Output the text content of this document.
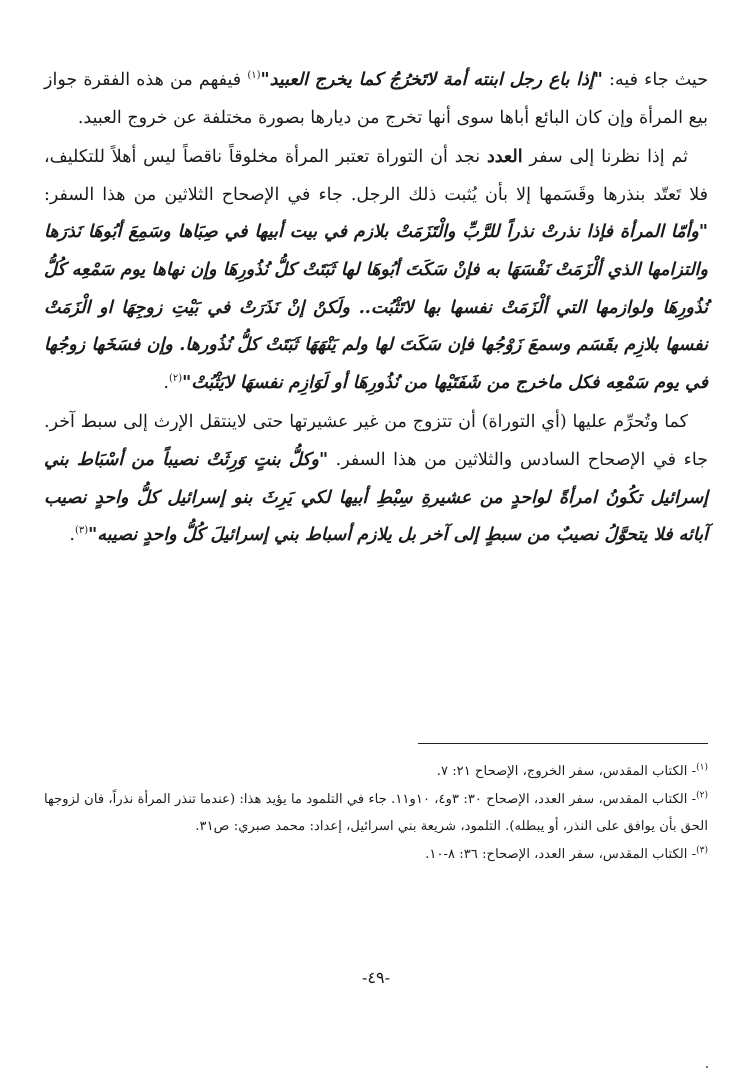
حيث جاء فيه: "إذا باع رجل ابنته أمة لاتَخرُجُ كما يخرج العبيد"$^{(١)}$ فيفهم من هذه الفقرة جواز بيع المرأة وإن كان البائع أباها سوى أنها تخرج من ديارها بصورة مختلفة عن خروج العبيد.

ثم إذا نظرنا إلى سفر العدد نجد أن التوراة تعتبر المرأة مخلوقاً ناقصاً ليس أهلاً للتكليف، فلا تَعتّد بنذرها وقَسَمها إلا بأن يُثبت ذلك الرجل. جاء في الإصحاح الثلاثين من هذا السفر: "وأمّا المرأة فإذا نذرتْ نذراً للرَّبِّ والْتَزَمَتْ بلازم في بيت أبيها في صِبَاها وسَمِعَ أبُوهَا نَذرَها والتزامها الذي ألْزَمَتْ نَفْسَهَا به فإنْ سَكَتَ أبُوهَا لها ثَبَتَتْ كلُّ نُذُورِهَا وإن نهاها يوم سَمْعِه كُلُّ نُذُورِهَا ولوازمها التي ألْزَمَتْ نفسها بها لاتَثْبُت.. ولَكنْ إنْ نَذَرَتْ في بَيْتِ زوجِهَا او الْزَمَتْ نفسها بلازِم بقَسَم وسمعَ زَوْجُها فإن سَكَتَ لها ولم يَنْهَهَا ثَبَتَتْ كلُّ نُذُورها. وإن فسَخَها زوجُها في يوم سَمْعِه فكل ماخرج من شَفَتَيْها من نُذُورِهَا أو لَوَازِم نفسهَا لايَثْبُتْ"$^{(٢)}$.

كما وتُحرِّم عليها (أي التوراة) أن تتزوج من غير عشيرتها حتى لاينتقل الإرث إلى سبط آخر. جاء في الإصحاح السادس والثلاثين من هذا السفر. "وكلُّ بنتٍ وَرِثَتْ نصيباً من أسْبَاط بني إسرائيل تكُونُ امرأةً لواحدٍ من عشيرةِ سِبْطِ أبيها لكي يَرِثَ بنو إسرائيل كلُّ واحدٍ نصيب آبائه فلا يتحوَّلُ نصيبٌ من سبطٍ إلى آخر بل يلازم أسباط بني إسرائيلَ كُلُّ واحدٍ نصيبه"$^{(٣)}$.

$^{(١)}$- الكتاب المقدس، سفر الخروج، الإصحاح ٢١: ٧.

$^{(٢)}$- الكتاب المقدس، سفر العدد، الإصحاح ٣٠: ٣و٤، ١٠و١١. جاء في التلمود ما يؤيد هذا: (عندما تنذر المرأة نذراً، فان لزوجها الحق بأن يوافق على النذر، أو يبطله). التلمود، شريعة بني اسرائيل، إعداد: محمد صبري: ص٣١.

$^{(٣)}$- الكتاب المقدس، سفر العدد، الإصحاح: ٣٦: ٨-١٠.

-٤٩-
